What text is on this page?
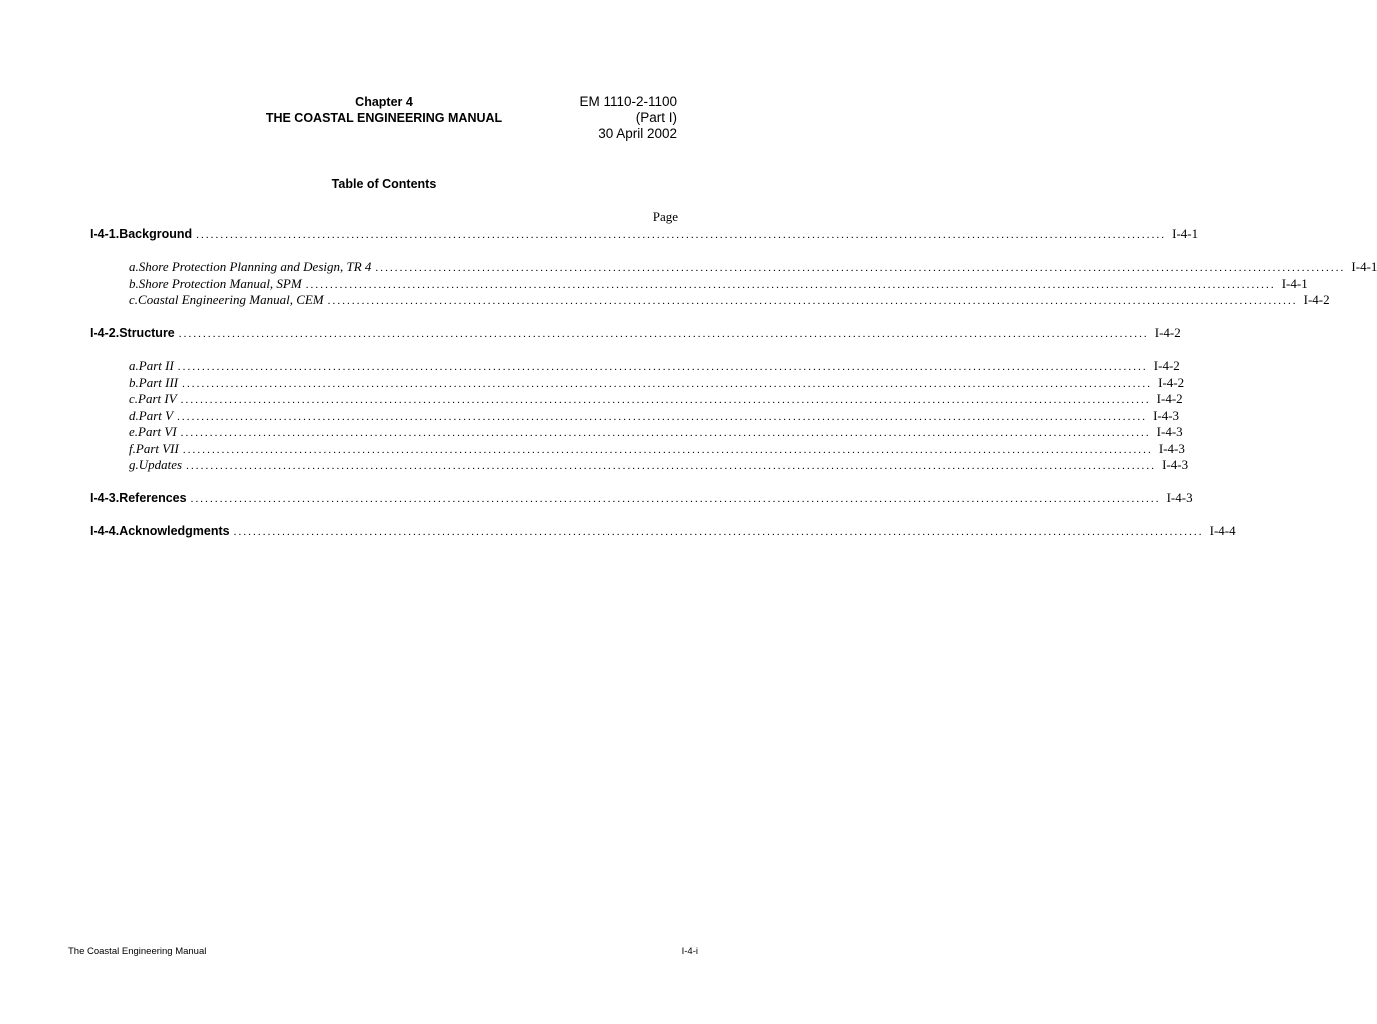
Chapter 4
THE COASTAL ENGINEERING MANUAL
EM 1110-2-1100
(Part I)
30 April 2002
Table of Contents
Page
I-4-1. Background ........................................................................................................................................................................................................ I-4-1
a. Shore Protection Planning and Design, TR 4 ........................................................................................................................................................................................................ I-4-1
b. Shore Protection Manual, SPM ........................................................................................................................................................................................................ I-4-1
c. Coastal Engineering Manual, CEM ........................................................................................................................................................................................................ I-4-2
I-4-2. Structure ........................................................................................................................................................................................................ I-4-2
a. Part II ........................................................................................................................................................................................................ I-4-2
b. Part III ........................................................................................................................................................................................................ I-4-2
c. Part IV ........................................................................................................................................................................................................ I-4-2
d. Part V ........................................................................................................................................................................................................ I-4-3
e. Part VI ........................................................................................................................................................................................................ I-4-3
f. Part VII ........................................................................................................................................................................................................ I-4-3
g. Updates ........................................................................................................................................................................................................ I-4-3
I-4-3. References ........................................................................................................................................................................................................ I-4-3
I-4-4. Acknowledgments ........................................................................................................................................................................................................ I-4-4
The Coastal Engineering Manual	I-4-i
